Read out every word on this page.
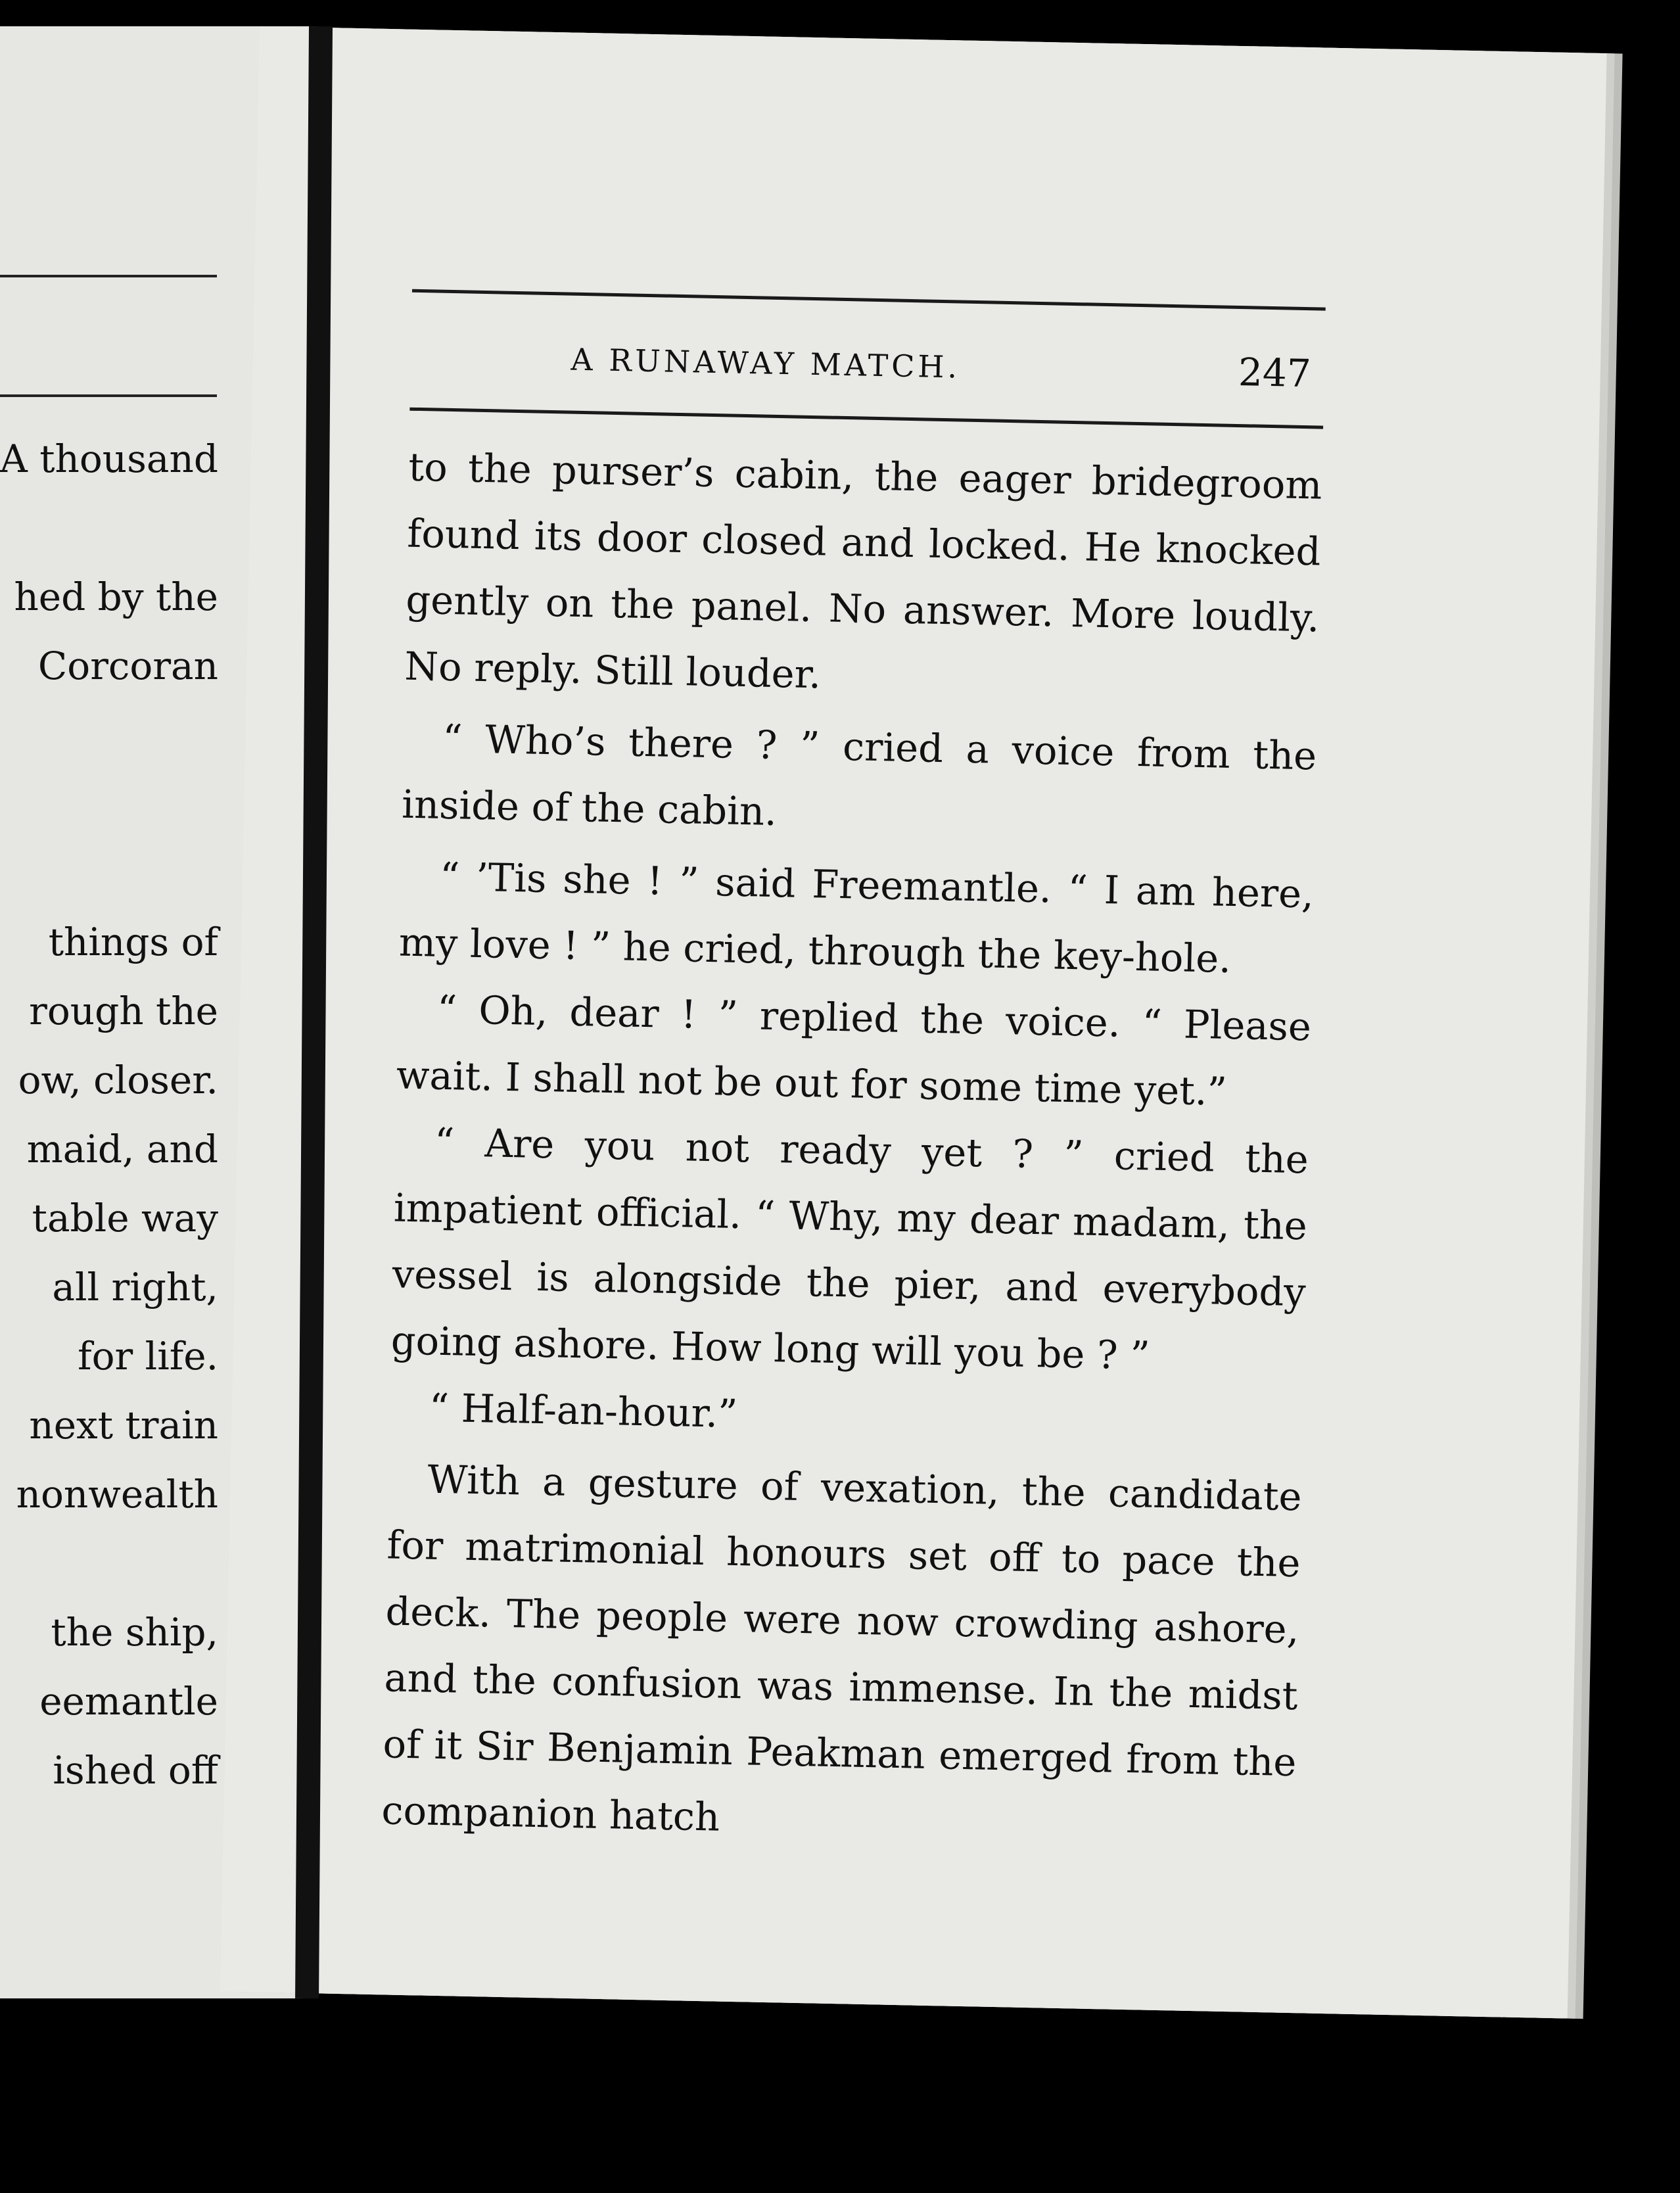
A thousand
hed by the
Corcoran
things of
rough the
ow, closer.
maid, and
table way
all right,
for life.
next train
nonwealth
the ship,
eemantle
ished off
A RUNAWAY MATCH.	247

to the purser’s cabin, the eager bridegroom found its door closed and locked. He knocked gently on the panel. No answer. More loudly. No reply. Still louder.

“ Who’s there ? ” cried a voice from the inside of the cabin.

“ ’Tis she ! ” said Freemantle. “ I am here, my love ! ” he cried, through the key-hole.

“ Oh, dear ! ” replied the voice. “ Please wait. I shall not be out for some time yet.”

“ Are you not ready yet ? ” cried the impatient official. “ Why, my dear madam, the vessel is alongside the pier, and everybody going ashore. How long will you be ? ”

“ Half-an-hour.”

With a gesture of vexation, the candidate for matrimonial honours set off to pace the deck. The people were now crowding ashore, and the confusion was immense. In the midst of it Sir Benjamin Peakman emerged from the companion hatch
